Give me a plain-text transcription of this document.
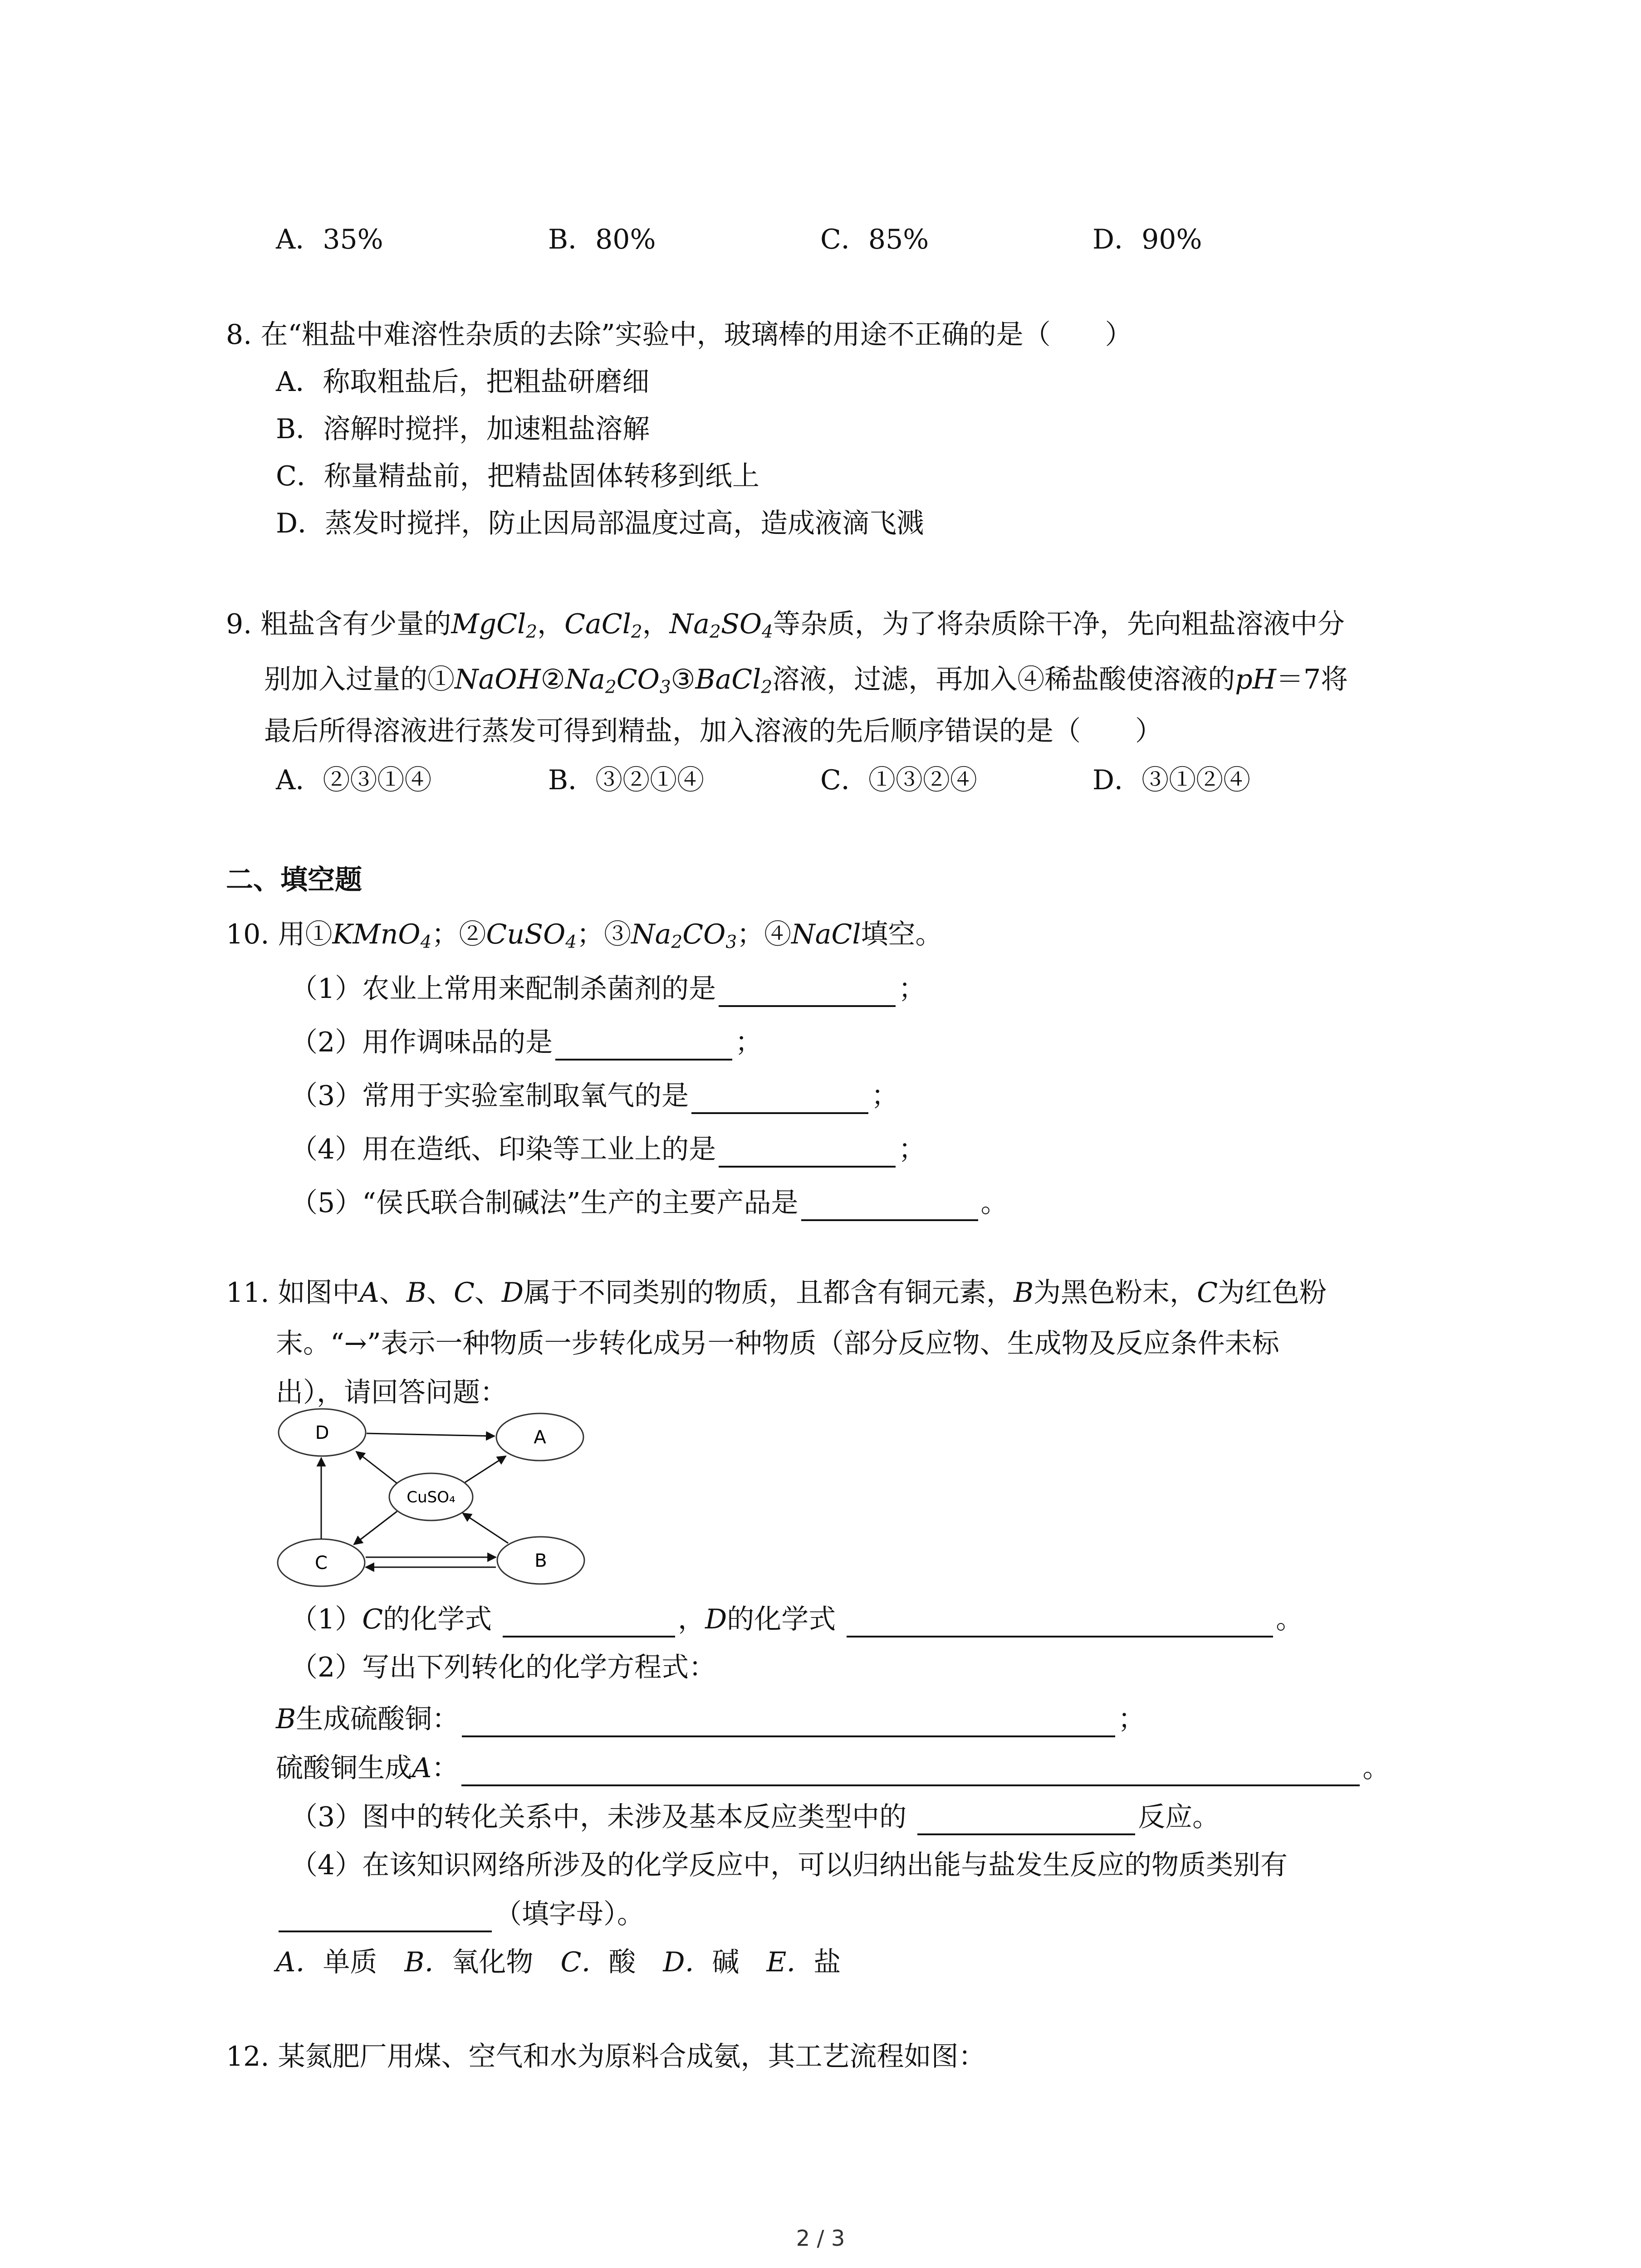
A．35%	B．80%	C．85%	D．90%
8. 在“粗盐中难溶性杂质的去除”实验中，玻璃棒的用途不正确的是（　　）
A．称取粗盐后，把粗盐研磨细
B．溶解时搅拌，加速粗盐溶解
C．称量精盐前，把精盐固体转移到纸上
D．蒸发时搅拌，防止因局部温度过高，造成液滴飞溅
9. 粗盐含有少量的MgCl$_2$，CaCl$_2$，$Na_2SO_4$等杂质，为了将杂质除干净，先向粗盐溶液中分
别加入过量的$①NaOH②Na_2CO_3③BaCl_2$溶液，过滤，再加入④稀盐酸使溶液的pH＝7将
最后所得溶液进行蒸发可得到精盐，加入溶液的先后顺序错误的是（　　）
A．②③①④	B．③②①④	C．①③②④	D．③①②④
二、填空题
10. 用①KMnO$_4$；②CuSO$_4$；$③Na_2CO_3$；④NaCl填空。
（1）农业上常用来配制杀菌剂的是	；
（2）用作调味品的是	；
（3）常用于实验室制取氧气的是	；
（4）用在造纸、印染等工业上的是	；
（5）“侯氏联合制碱法”生产的主要产品是	。
11. 如图中A、B、C、D属于不同类别的物质，且都含有铜元素，B为黑色粉末，C为红色粉
末。“→”表示一种物质一步转化成另一种物质（部分反应物、生成物及反应条件未标
出），请回答问题：
D	A
CuSO₄
C	B
（1）C的化学式	，D的化学式	。
（2）写出下列转化的化学方程式：
B生成硫酸铜：	；
硫酸铜生成A：	。
（3）图中的转化关系中，未涉及基本反应类型中的	反应。
（4）在该知识网络所涉及的化学反应中，可以归纳出能与盐发生反应的物质类别有
（填字母）。
A．单质　 B．氧化物　 C．酸　 D．碱　 E．盐
12. 某氮肥厂用煤、空气和水为原料合成氨，其工艺流程如图：
2 / 3
